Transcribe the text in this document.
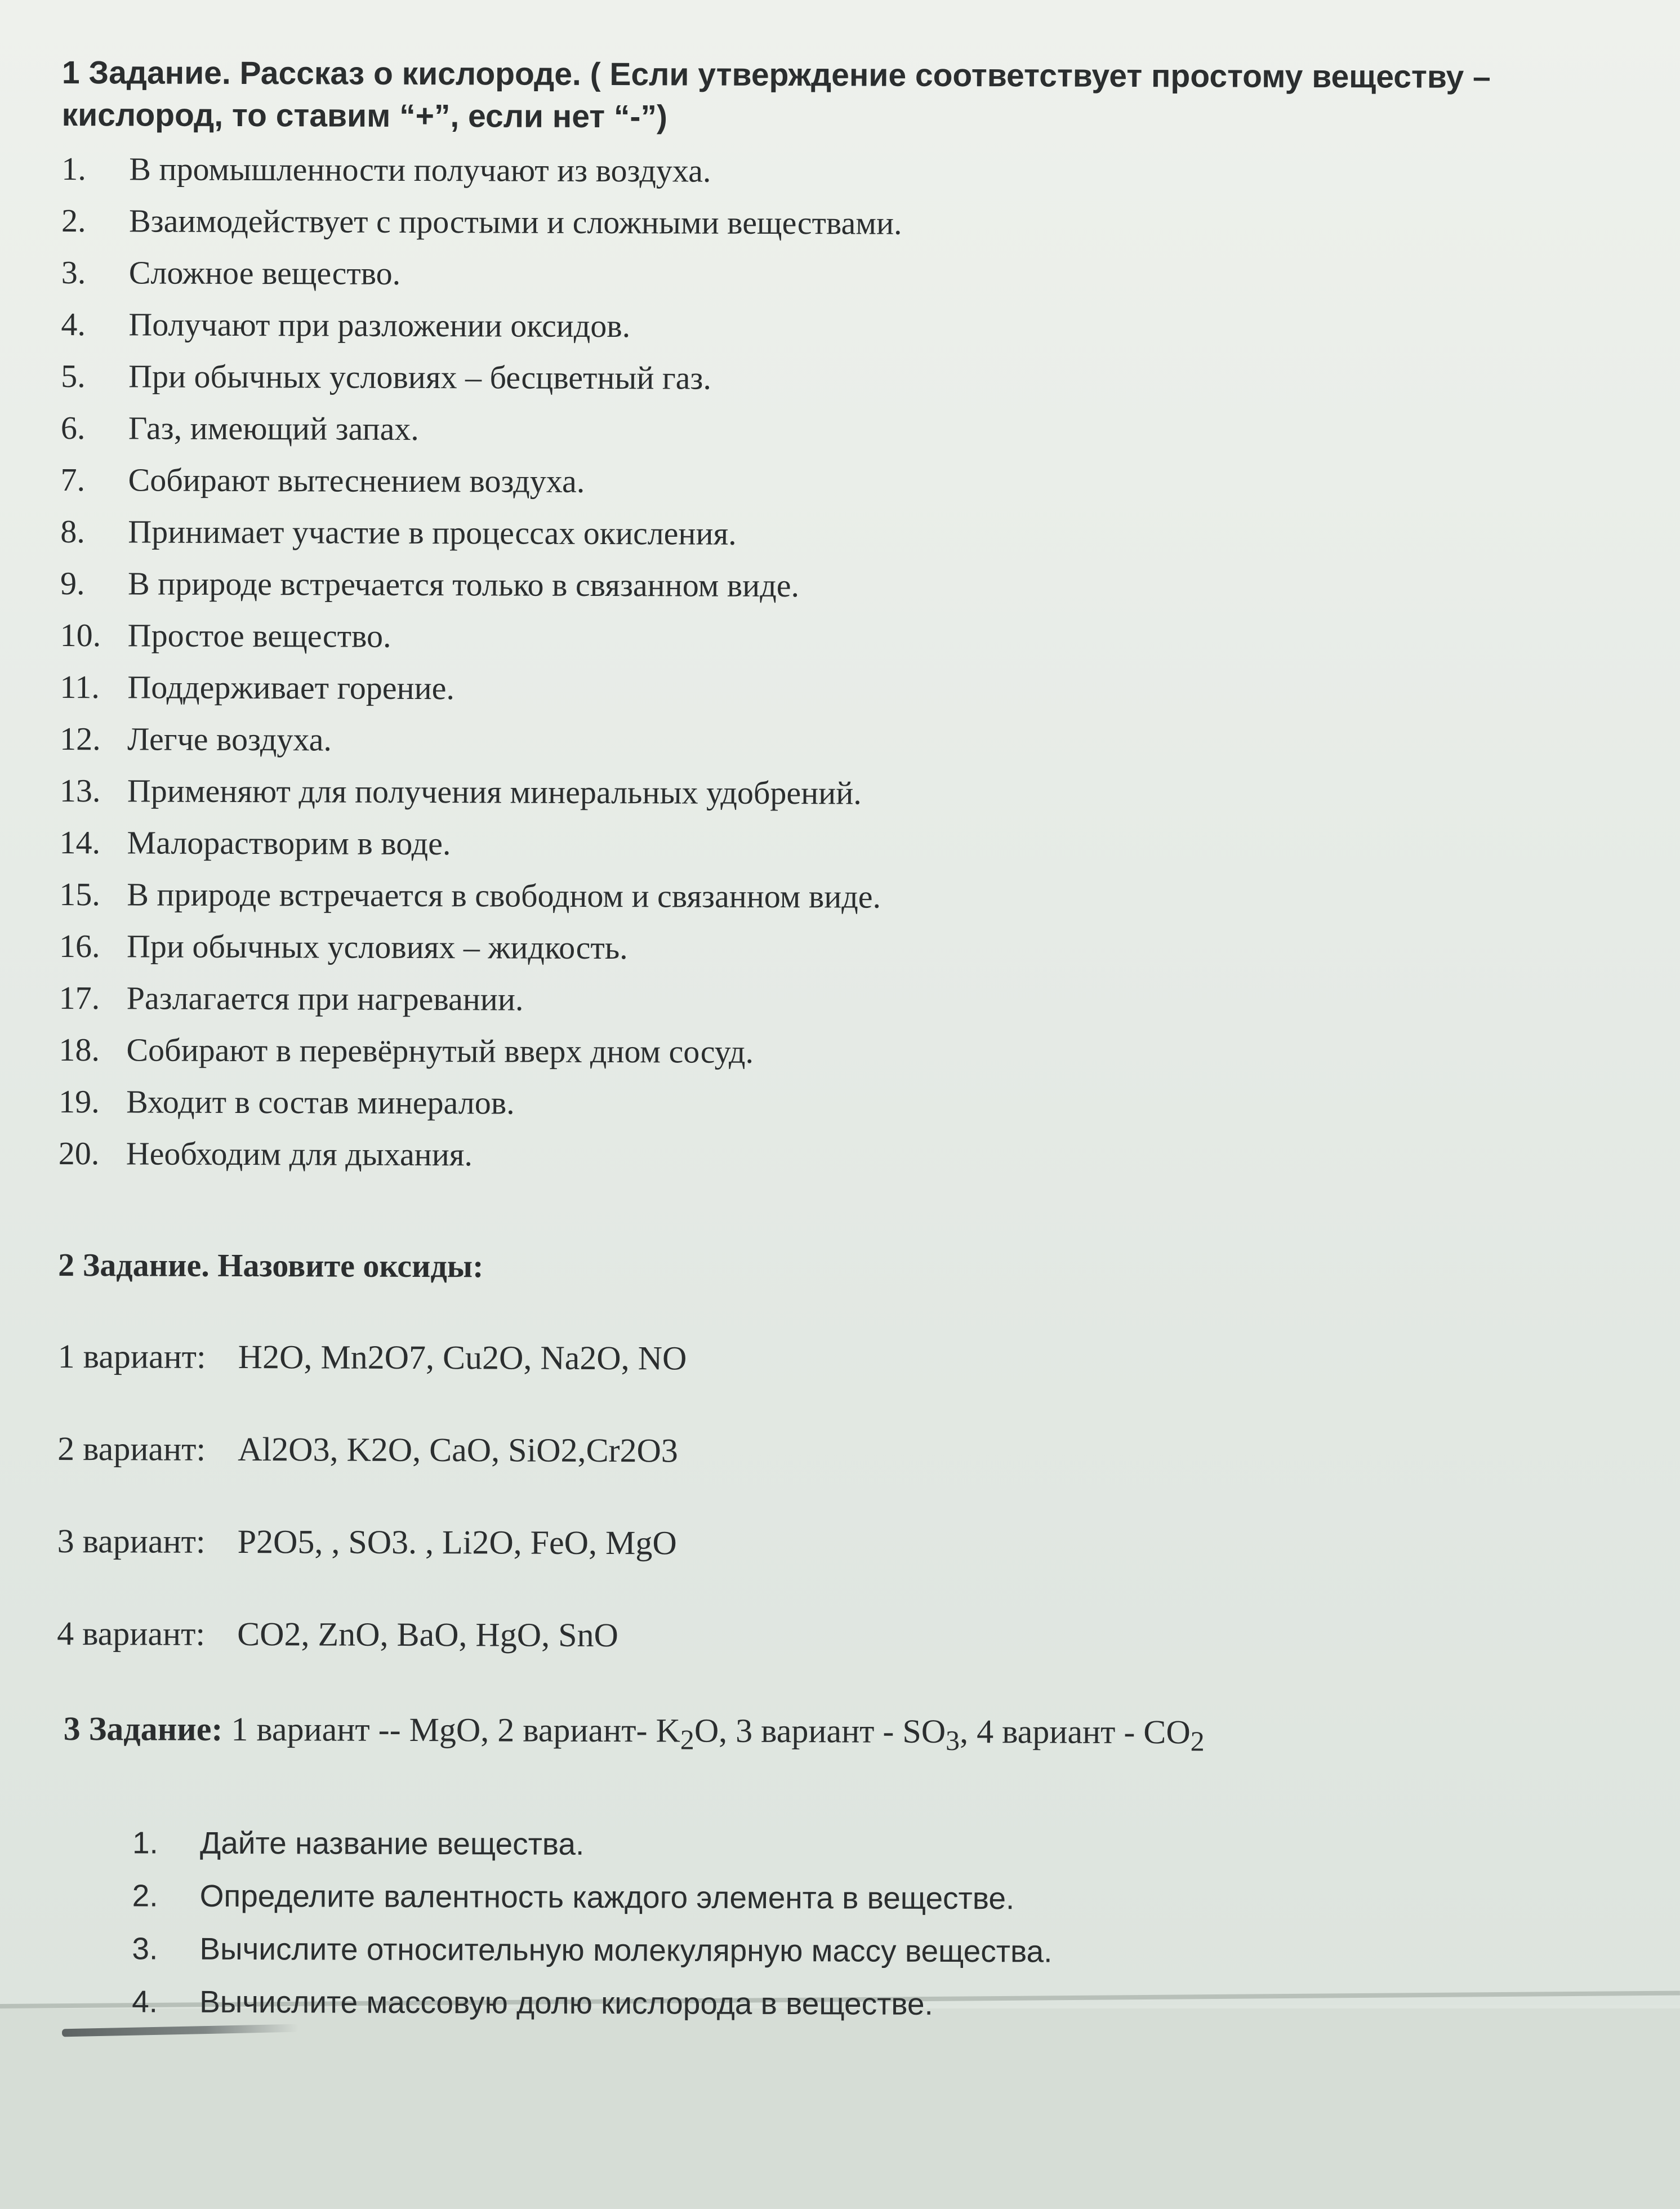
1 Задание. Рассказ о кислороде. ( Если утверждение соответствует простому веществу – кислород, то ставим “+”, если нет “-”)
1. В промышленности получают из воздуха.
2. Взаимодействует с простыми и сложными веществами.
3. Сложное вещество.
4. Получают при разложении оксидов.
5. При обычных условиях – бесцветный газ.
6. Газ, имеющий запах.
7. Собирают вытеснением воздуха.
8. Принимает участие в процессах окисления.
9. В природе встречается только в связанном виде.
10. Простое вещество.
11. Поддерживает горение.
12. Легче воздуха.
13. Применяют для получения минеральных удобрений.
14. Малорастворим в воде.
15. В природе встречается в свободном и связанном виде.
16. При обычных условиях – жидкость.
17. Разлагается при нагревании.
18. Собирают в перевёрнутый вверх дном сосуд.
19. Входит в состав минералов.
20. Необходим для дыхания.
2 Задание. Назовите оксиды:
1 вариант: H2O, Mn2O7, Cu2O, Na2O, NO
2 вариант: Al2O3, K2O, CaO, SiO2,Cr2O3
3 вариант: P2O5, , SO3. , Li2O, FeO, MgO
4 вариант: CO2, ZnO, BaO, HgO, SnO
3 Задание: 1 вариант -- MgO, 2 вариант- $K_2O$, 3 вариант - $SO_3$, 4 вариант - $CO_2$
1. Дайте название вещества.
2. Определите валентность каждого элемента в веществе.
3. Вычислите относительную молекулярную массу вещества.
4. Вычислите массовую долю кислорода в веществе.
